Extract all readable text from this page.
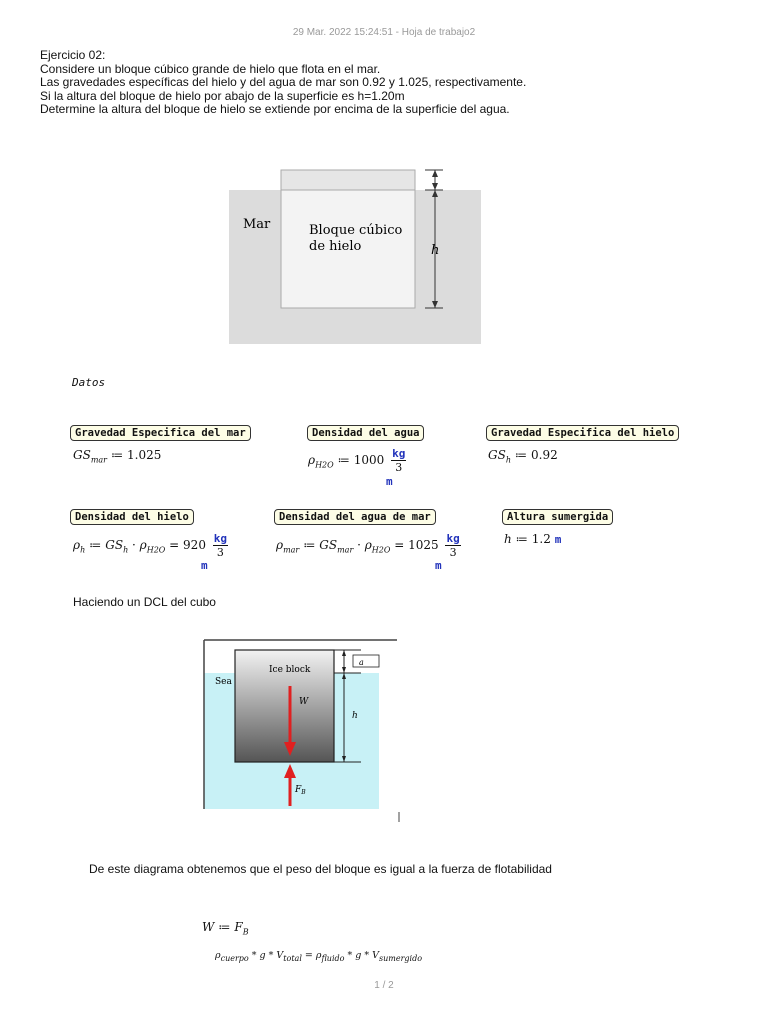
29 Mar. 2022 15:24:51 - Hoja de trabajo2
Ejercicio 02:
Considere un bloque cúbico grande de hielo que flota en el mar.
Las gravedades específicas del hielo y del agua de mar son 0.92 y 1.025, respectivamente.
Si la altura del bloque de hielo por abajo de la superficie es h=1.20m
Determine la altura del bloque de hielo se extiende por encima de la superficie del agua.
Mar	Bloque cúbico
de hielo	h
Datos
Gravedad Especifica del mar
$GS_{mar}$ ≔ 1.025
Densidad del agua
$\rho_{H2O}$ ≔ $1000 \frac{kg}{3}$
m
Gravedad Especifica del hielo
$GS_h$ ≔ 0.92
Densidad del hielo
$\rho_h$ ≔ $GS_h \cdot \rho_{H2O} = 920 \frac{kg}{3}$
m
Densidad del agua de mar
$\rho_{mar}$ ≔ $GS_{mar} \cdot \rho_{H2O} = 1025 \frac{kg}{3}$
m
Altura sumergida
h ≔ 1.2 m
Haciendo un DCL del cubo
a
Sea
Ice block
W
$F_B$
h
De este diagrama obtenemos que el peso del bloque es igual a la fuerza de flotabilidad
W ≔ $F_B$
$\rho_{cuerpo} * g * V_{total} = \rho_{fluido} * g * V_{sumergido}$
1 / 2
